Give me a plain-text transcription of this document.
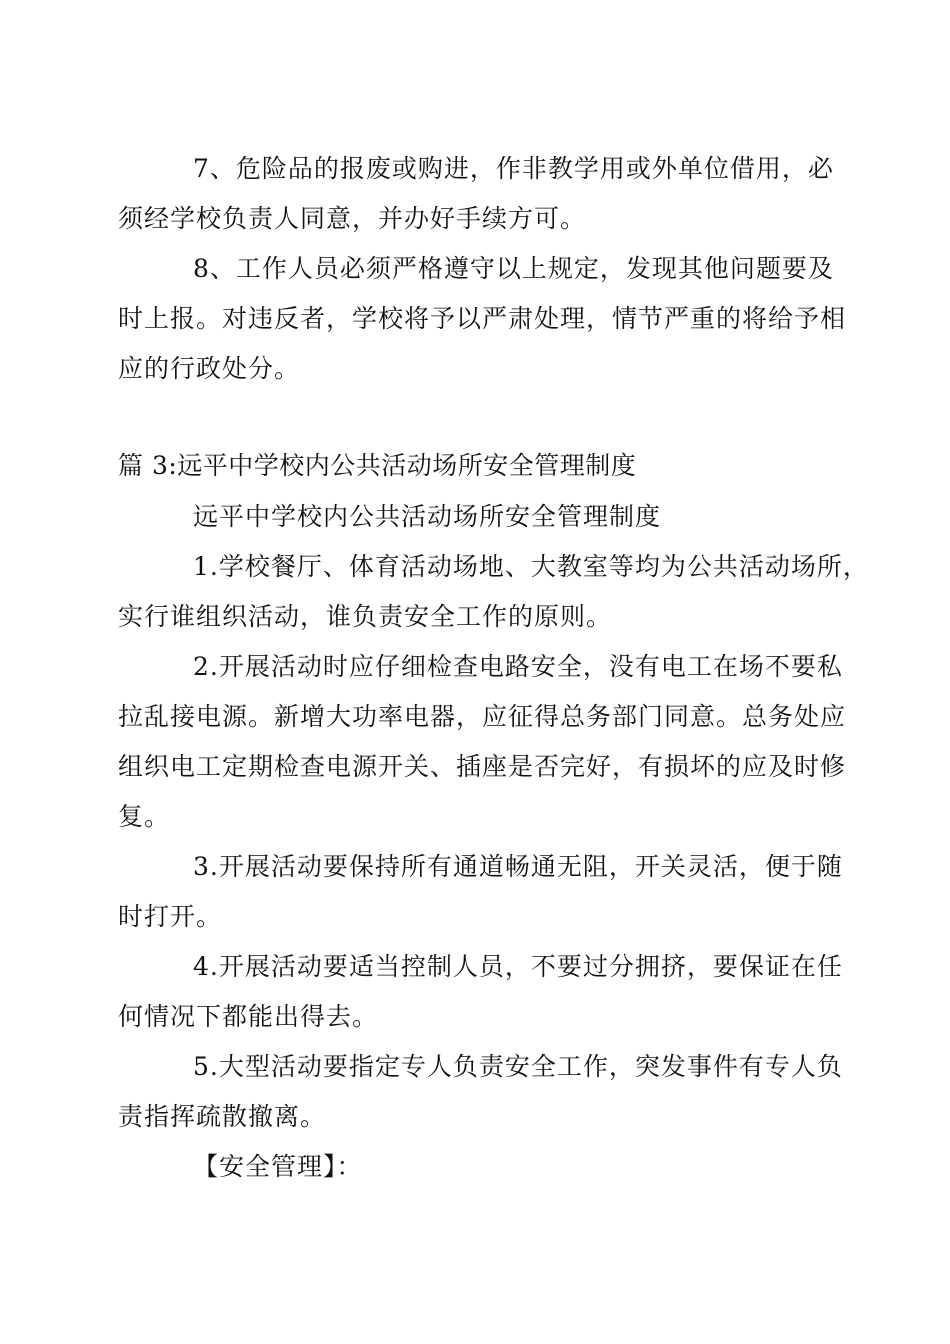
7、危险品的报废或购进，作非教学用或外单位借用，必
须经学校负责人同意，并办好手续方可。
8、工作人员必须严格遵守以上规定，发现其他问题要及
时上报。对违反者，学校将予以严肃处理，情节严重的将给予相
应的行政处分。
篇 3:远平中学校内公共活动场所安全管理制度
远平中学校内公共活动场所安全管理制度
1.学校餐厅、体育活动场地、大教室等均为公共活动场所，
实行谁组织活动，谁负责安全工作的原则。
2.开展活动时应仔细检查电路安全，没有电工在场不要私
拉乱接电源。新增大功率电器，应征得总务部门同意。总务处应
组织电工定期检查电源开关、插座是否完好，有损坏的应及时修
复。
3.开展活动要保持所有通道畅通无阻，开关灵活，便于随
时打开。
4.开展活动要适当控制人员，不要过分拥挤，要保证在任
何情况下都能出得去。
5.大型活动要指定专人负责安全工作，突发事件有专人负
责指挥疏散撤离。
【安全管理】：
